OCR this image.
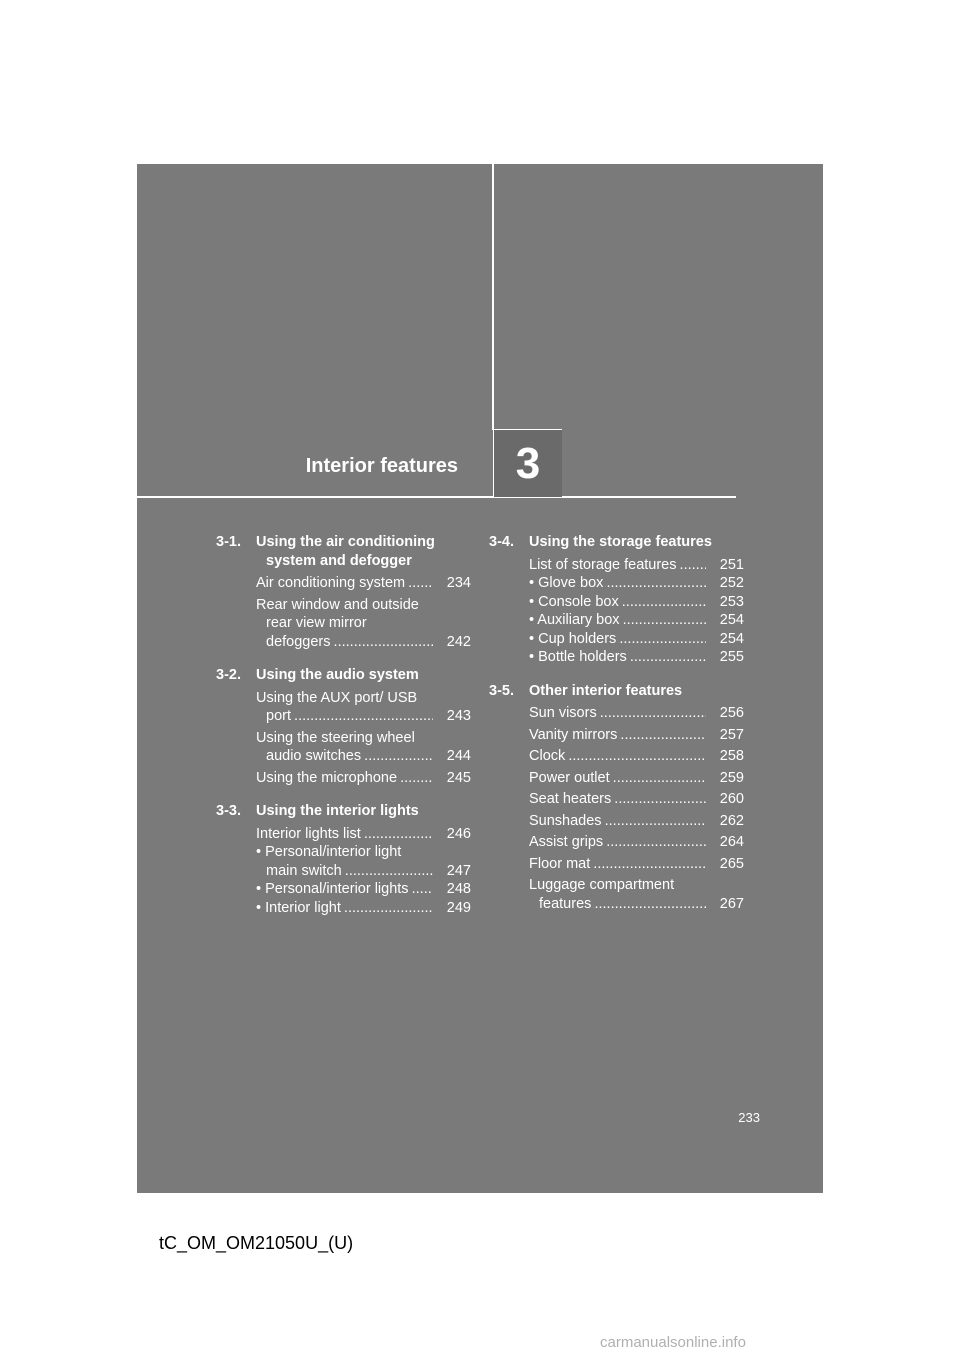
Interior features	3
3-1.	Using the air conditioning system and defogger
Air conditioning system .....	234
Rear window and outside rear view mirror defoggers .....	242
3-2.	Using the audio system
Using the AUX port/ USB port .....	243
Using the steering wheel audio switches .....	244
Using the microphone .....	245
3-3.	Using the interior lights
Interior lights list .....	246
• Personal/interior light main switch .....	247
• Personal/interior lights .....	248
• Interior light .....	249
3-4.	Using the storage features
List of storage features .....	251
• Glove box .....	252
• Console box .....	253
• Auxiliary box .....	254
• Cup holders .....	254
• Bottle holders .....	255
3-5.	Other interior features
Sun visors .....	256
Vanity mirrors .....	257
Clock .....	258
Power outlet .....	259
Seat heaters .....	260
Sunshades .....	262
Assist grips .....	264
Floor mat .....	265
Luggage compartment features .....	267
233
tC_OM_OM21050U_(U)
carmanualsonline.info
